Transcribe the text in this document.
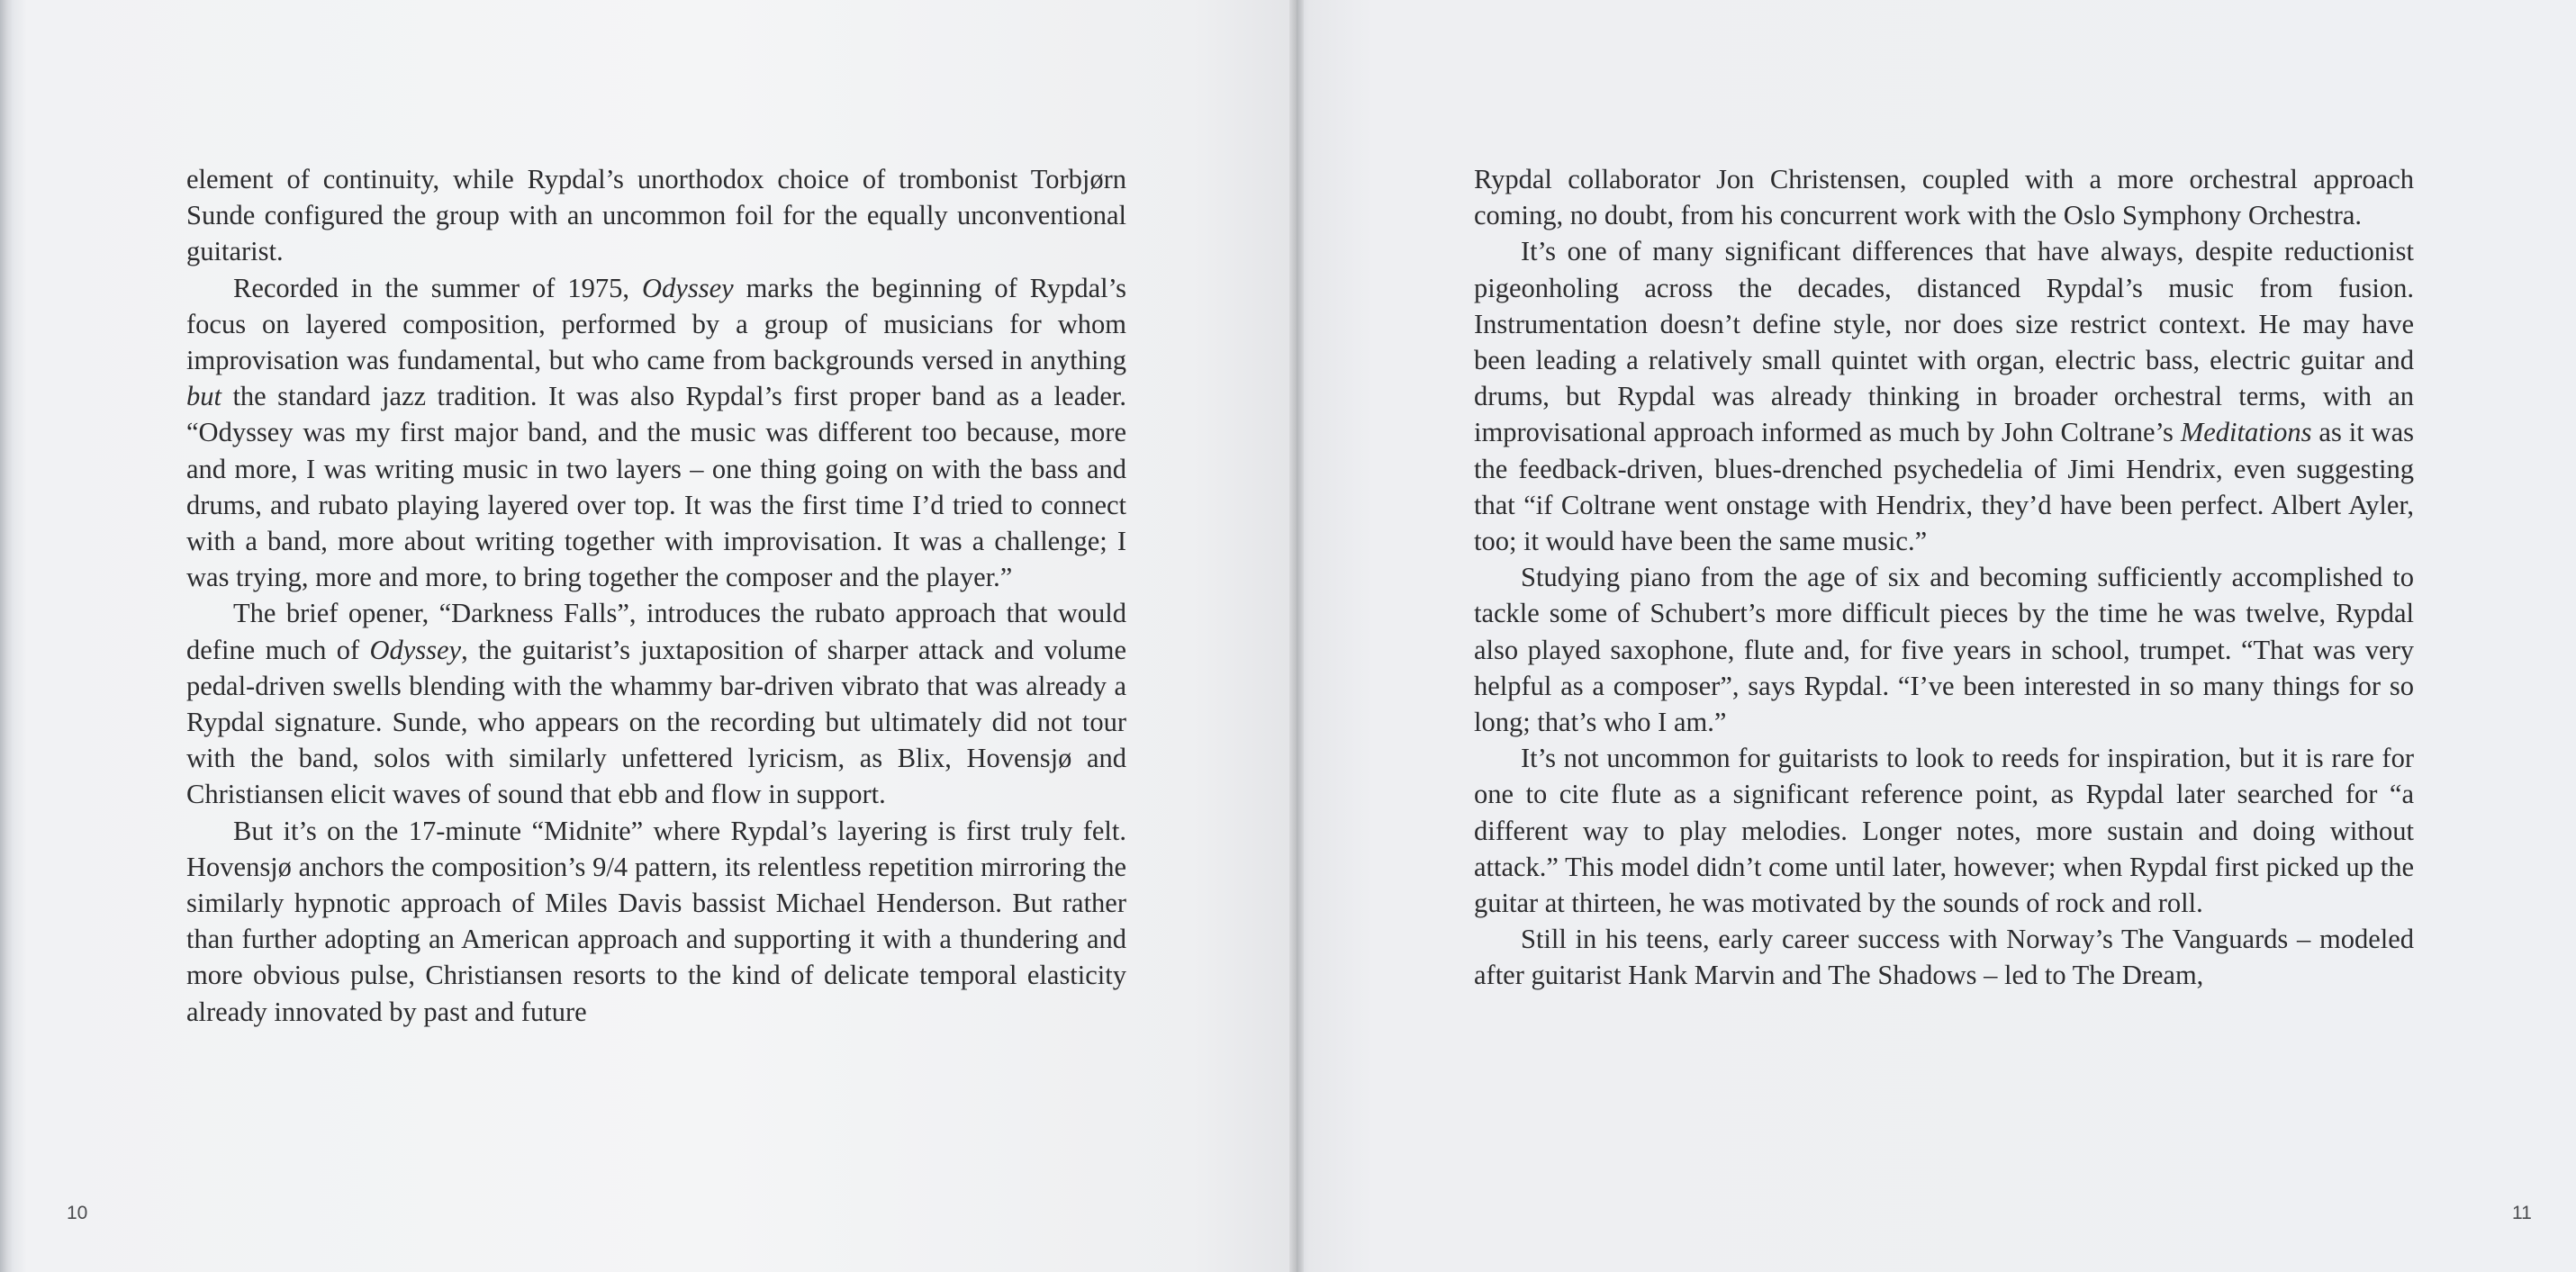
element of continuity, while Rypdal’s unorthodox choice of trombonist Torbjørn Sunde configured the group with an uncommon foil for the equally unconventional guitarist.

Recorded in the summer of 1975, Odyssey marks the beginning of Rypdal’s focus on layered composition, performed by a group of musicians for whom improvisation was fundamental, but who came from backgrounds versed in anything but the standard jazz tradition. It was also Rypdal’s first proper band as a leader. “Odyssey was my first major band, and the music was different too because, more and more, I was writing music in two layers – one thing going on with the bass and drums, and rubato playing layered over top. It was the first time I’d tried to connect with a band, more about writing together with improvisation. It was a challenge; I was trying, more and more, to bring together the composer and the player.”

The brief opener, “Darkness Falls”, introduces the rubato approach that would define much of Odyssey, the guitarist’s juxtaposition of sharper attack and volume pedal-driven swells blending with the whammy bar-driven vibrato that was already a Rypdal signature. Sunde, who appears on the recording but ultimately did not tour with the band, solos with similarly unfettered lyricism, as Blix, Hovensjø and Christiansen elicit waves of sound that ebb and flow in support.

But it’s on the 17-minute “Midnite” where Rypdal’s layering is first truly felt. Hovensjø anchors the composition’s 9/4 pattern, its relentless repetition mirroring the similarly hypnotic approach of Miles Davis bassist Michael Henderson. But rather than further adopting an American approach and supporting it with a thundering and more obvious pulse, Christiansen resorts to the kind of delicate temporal elasticity already innovated by past and future

10

Rypdal collaborator Jon Christensen, coupled with a more orchestral approach coming, no doubt, from his concurrent work with the Oslo Symphony Orchestra.

It’s one of many significant differences that have always, despite reductionist pigeonholing across the decades, distanced Rypdal’s music from fusion. Instrumentation doesn’t define style, nor does size restrict context. He may have been leading a relatively small quintet with organ, electric bass, electric guitar and drums, but Rypdal was already thinking in broader orchestral terms, with an improvisational approach informed as much by John Coltrane’s Meditations as it was the feedback-driven, blues-drenched psychedelia of Jimi Hendrix, even suggesting that “if Coltrane went onstage with Hendrix, they’d have been perfect. Albert Ayler, too; it would have been the same music.”

Studying piano from the age of six and becoming sufficiently accomplished to tackle some of Schubert’s more difficult pieces by the time he was twelve, Rypdal also played saxophone, flute and, for five years in school, trumpet. “That was very helpful as a composer”, says Rypdal. “I’ve been interested in so many things for so long; that’s who I am.”

It’s not uncommon for guitarists to look to reeds for inspiration, but it is rare for one to cite flute as a significant reference point, as Rypdal later searched for “a different way to play melodies. Longer notes, more sustain and doing without attack.” This model didn’t come until later, however; when Rypdal first picked up the guitar at thirteen, he was motivated by the sounds of rock and roll.

Still in his teens, early career success with Norway’s The Vanguards – modeled after guitarist Hank Marvin and The Shadows – led to The Dream,

11
